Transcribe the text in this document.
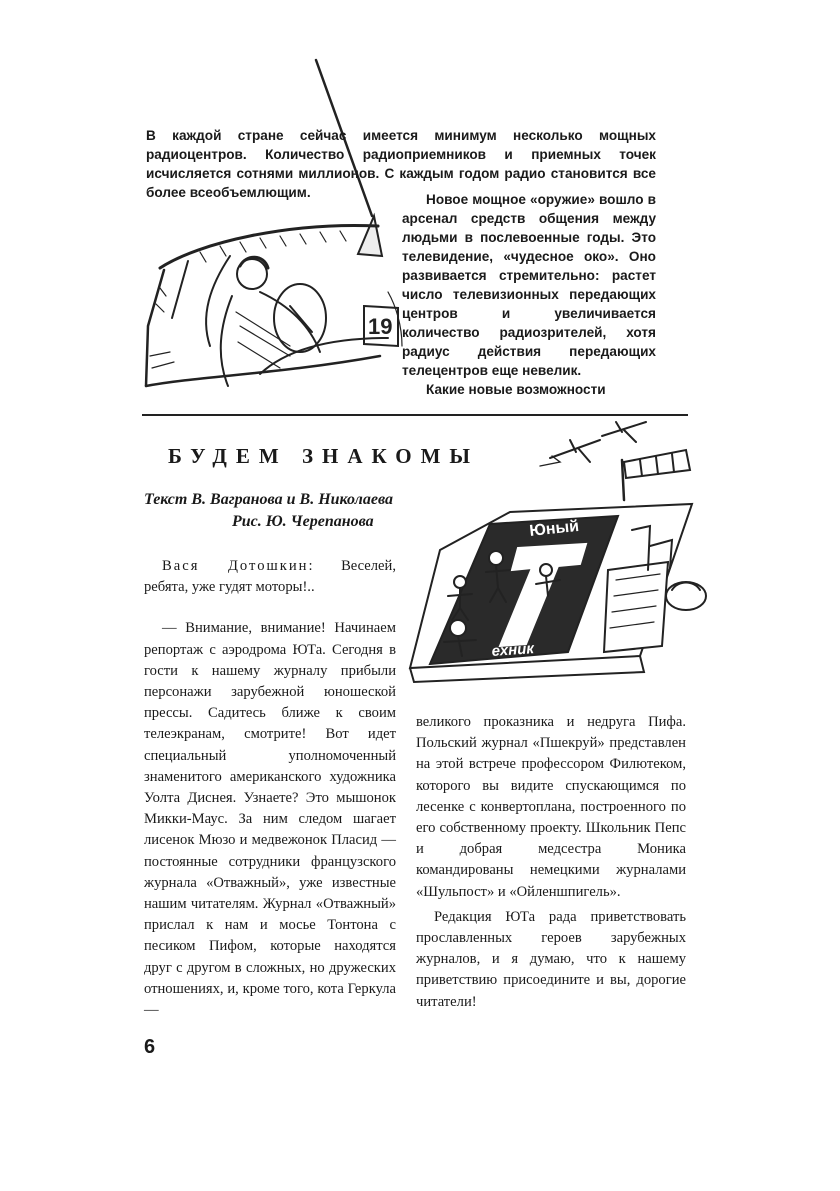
19
В каждой стране сейчас имеется минимум несколько мощных радиоцентров. Количество радиоприемников и приемных точек исчисляется сотнями миллионов. С каждым годом радио становится все более всеобъемлющим.	Новое мощное «оружие» вошло в арсенал средств общения между людьми в послевоенные годы. Это телевидение, «чудесное око». Оно развивается стремительно: растет число телевизионных передающих центров и увеличивается количество радиозрителей, хотя радиус действия передающих телецентров еще невелик.
Какие новые возможности
БУДЕМ ЗНАКОМЫ
Текст В. Ваграновa и В. Николаева
Рис. Ю. Черепанова	Юный
ехник

Вася Дотошкин: Веселей, ребята, уже гудят моторы!..

— Внимание, внимание! Начинаем репортаж с аэродрома ЮТа. Сегодня в гости к нашему журналу прибыли персонажи зарубежной юношеской прессы. Садитесь ближе к своим телеэкранам, смотрите! Вот идет специальный уполномоченный знаменитого американского художника Уолта Диснея. Узнаете? Это мышонок Микки-Маус. За ним следом шагает лисенок Мюзо и медвежонок Пласид — постоянные сотрудники французского журнала «Отважный», уже известные нашим читателям. Журнал «Отважный» прислал к нам и мосье Тонтона с песиком Пифом, которые находятся друг с другом в сложных, но дружеских отношениях, и, кроме того, кота Геркула —

великого проказника и недруга Пифа. Польский журнал «Пшекруй» представлен на этой встрече профессором Филютеком, которого вы видите спускающимся по лесенке с конвертоплана, построенного по его собственному проекту. Школьник Пепс и добрая медсестра Моника командированы немецкими журналами «Шульпост» и «Ойленшпигель».

Редакция ЮТа рада приветствовать прославленных героев зарубежных журналов, и я думаю, что к нашему приветствию присоедините и вы, дорогие читатели!

6
